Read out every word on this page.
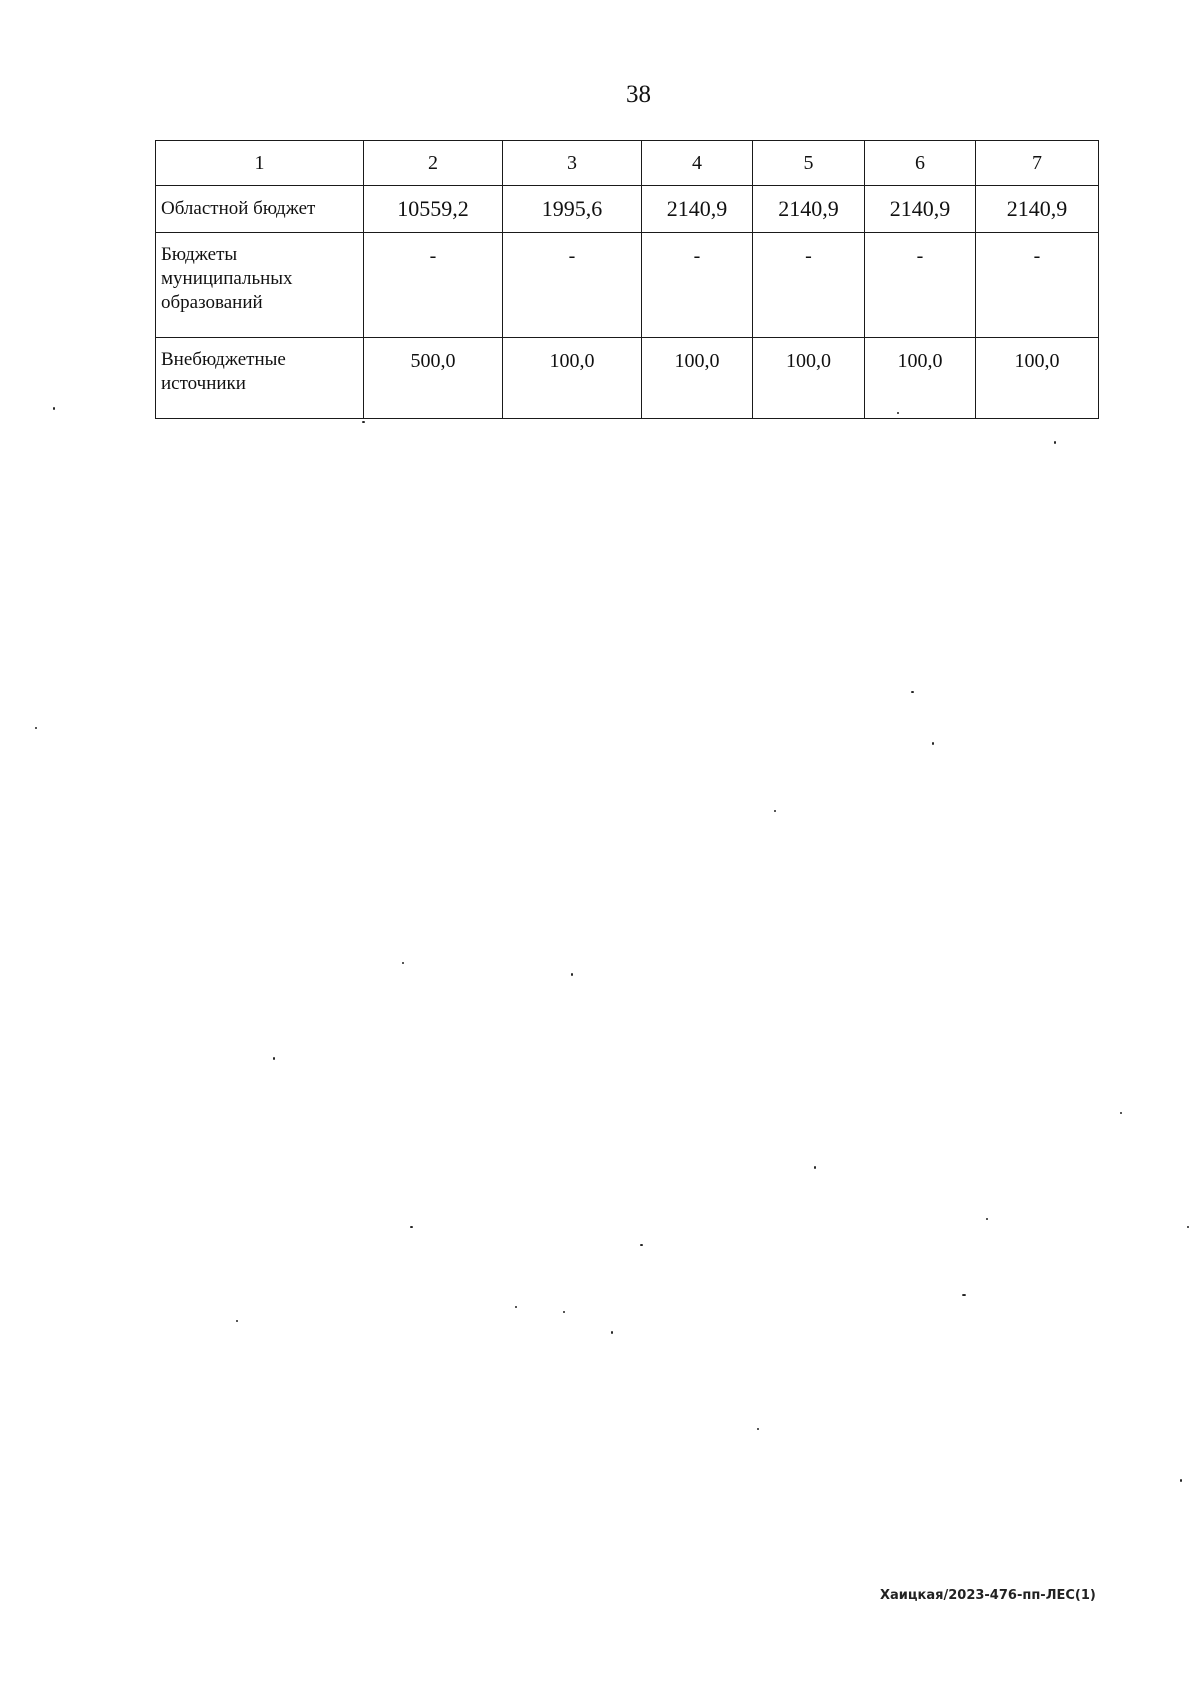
38
1	2	3	4	5	6	7
Областной бюджет	10559,2	1995,6	2140,9	2140,9	2140,9	2140,9
Бюджеты муниципальных образований	-	-	-	-	-	-
Внебюджетные источники	500,0	100,0	100,0	100,0	100,0	100,0
Хаицкая/2023-476-пп-ЛЕС(1)
